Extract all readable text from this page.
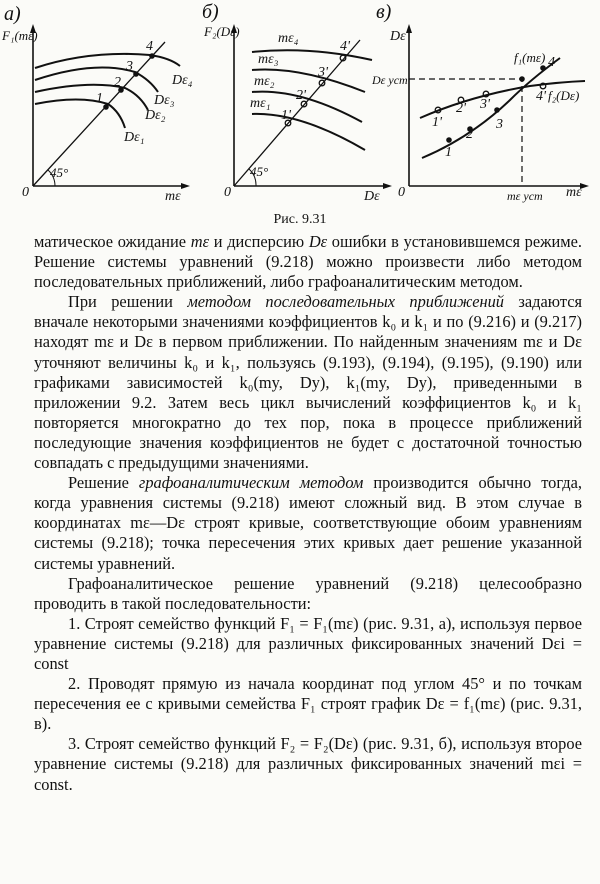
а)
F₁(mε)
0	mε
45°
Dε₄
Dε₃
Dε₂
Dε₁
4
3
2
1
б)
F₂(Dε)
0	Dε
45°
mε₄
mε₃
mε₂
mε₁
4'
3'
2'
1'
в)
Dε
0	mε
Dε уст
mε уст
f₁(mε)
f₂(Dε)
1
2
3
4
1'
2' 3'
4'
Рис. 9.31

матическое ожидание mε и дисперсию Dε ошибки в установившемся режиме. Решение системы уравнений (9.218) можно произвести либо методом последовательных приближений, либо графоаналитическим методом.

При решении методом последовательных приближений задаются вначале некоторыми значениями коэффициентов k₀ и k₁ и по (9.216) и (9.217) находят mε и Dε в первом приближении. По найденным значениям mε и Dε уточняют величины k₀ и k₁, пользуясь (9.193), (9.194), (9.195), (9.190) или графиками зависимостей k₀(my, Dy), k₁(my, Dy), приведенными в приложении 9.2. Затем весь цикл вычислений коэффициентов k₀ и k₁ повторяется многократно до тех пор, пока в процессе приближений последующие значения коэффициентов не будет с достаточной точностью совпадать с предыдущими значениями.

Решение графоаналитическим методом производится обычно тогда, когда уравнения системы (9.218) имеют сложный вид. В этом случае в координатах mε—Dε строят кривые, соответствующие обоим уравнениям системы (9.218); точка пересечения этих кривых дает решение указанной системы уравнений.

Графоаналитическое решение уравнений (9.218) целесообразно проводить в такой последовательности:

1. Строят семейство функций F₁ = F₁(mε) (рис. 9.31, а), используя первое уравнение системы (9.218) для различных фиксированных значений Dεi = const

2. Проводят прямую из начала координат под углом 45° и по точкам пересечения ее с кривыми семейства F₁ строят график Dε = f₁(mε) (рис. 9.31, в).

3. Строят семейство функций F₂ = F₂(Dε) (рис. 9.31, б), используя второе уравнение системы (9.218) для различных фиксированных значений mεi = const.
